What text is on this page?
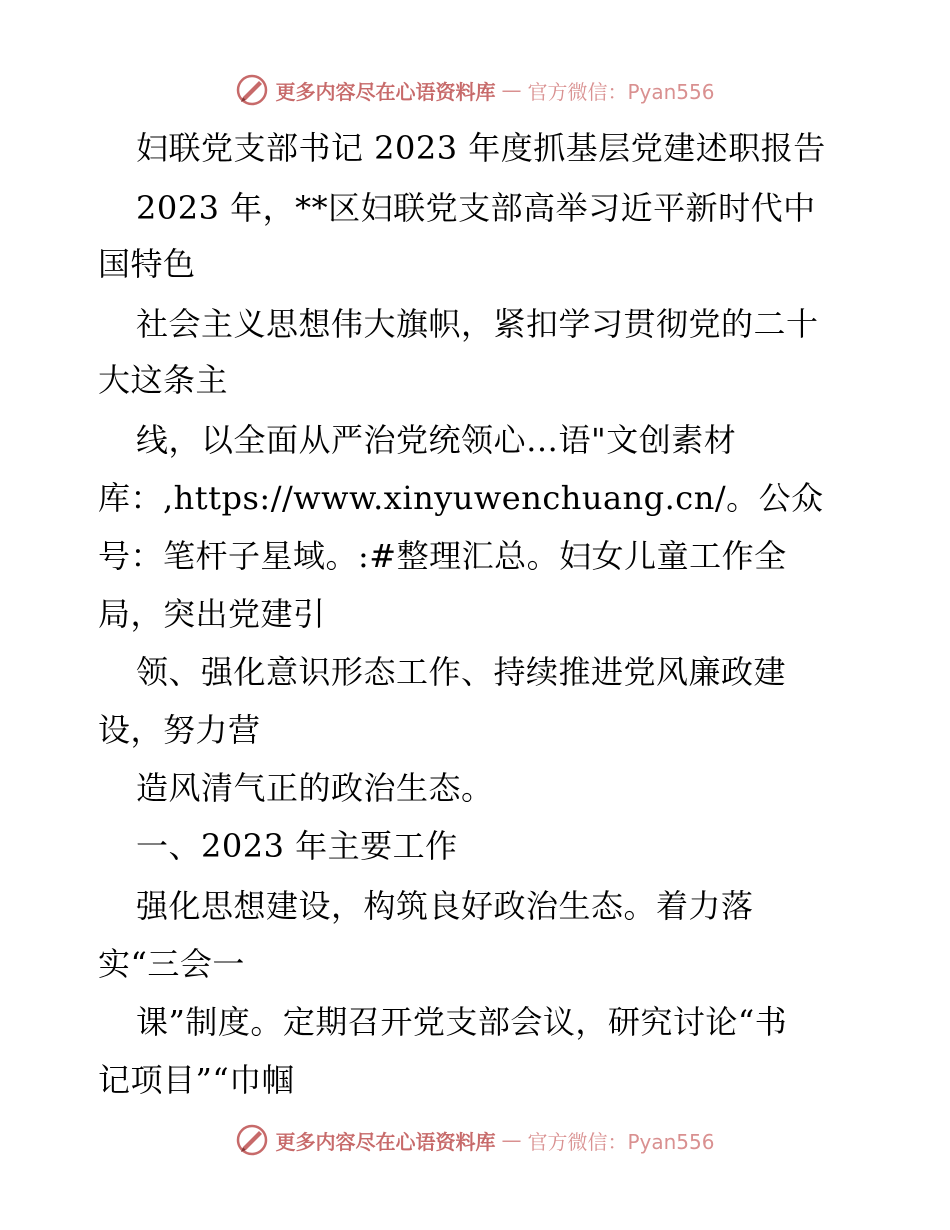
更多内容尽在心语资料库 — 官方微信：Pyan556
妇联党支部书记 2023 年度抓基层党建述职报告
2023 年，**区妇联党支部高举习近平新时代中
国特色
社会主义思想伟大旗帜，紧扣学习贯彻党的二十
大这条主
线，以全面从严治党统领心…语"文创素材
库：,https://www.xinyuwenchuang.cn/。公众
号：笔杆子星域。:#整理汇总。妇女儿童工作全
局，突出党建引
领、强化意识形态工作、持续推进党风廉政建
设，努力营
造风清气正的政治生态。
一、2023 年主要工作
强化思想建设，构筑良好政治生态。着力落
实“三会一
课”制度。定期召开党支部会议，研究讨论“书
记项目”“巾帼
更多内容尽在心语资料库 — 官方微信：Pyan556
